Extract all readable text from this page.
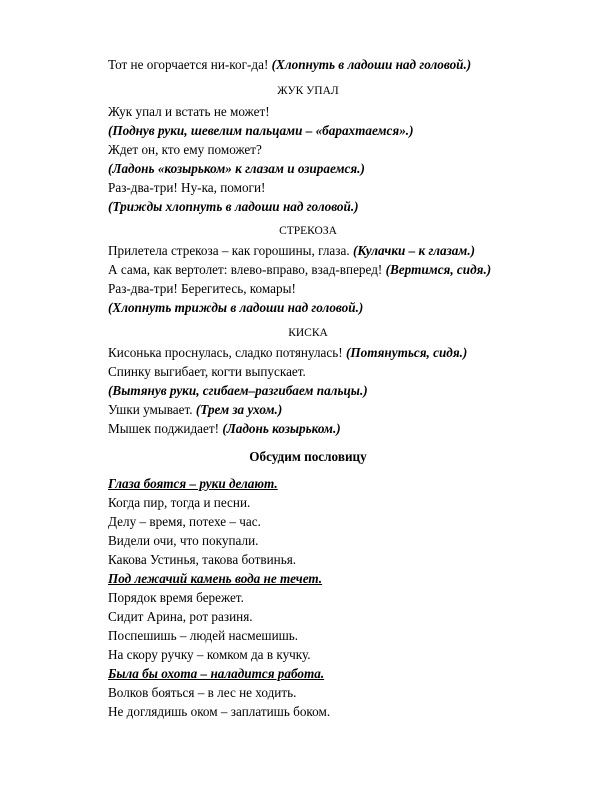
Тот не огорчается ни-ког-да! (Хлопнуть в ладоши над головой.)
ЖУК УПАЛ
Жук упал и встать не может!
(Поднув руки, шевелим пальцами – «барахтаемся».)
Ждет он, кто ему поможет?
(Ладонь «козырьком» к глазам и озираемся.)
Раз-два-три! Ну-ка, помоги!
(Трижды хлопнуть в ладоши над головой.)
СТРЕКОЗА
Прилетела стрекоза – как горошины, глаза. (Кулачки – к глазам.)
А сама, как вертолет: влево-вправо, взад-вперед! (Вертимся, сидя.)
Раз-два-три! Берегитесь, комары!
(Хлопнуть трижды в ладоши над головой.)
КИСКА
Кисонька проснулась, сладко потянулась! (Потянуться, сидя.)
Спинку выгибает, когти выпускает.
(Вытянув руки, сгибаем–разгибаем пальцы.)
Ушки умывает. (Трем за ухом.)
Мышек поджидает! (Ладонь козырьком.)
Обсудим пословицу
Глаза боятся – руки делают.
Когда пир, тогда и песни.
Делу – время, потехе – час.
Видели очи, что покупали.
Какова Устинья, такова ботвинья.
Под лежачий камень вода не течет.
Порядок время бережет.
Сидит Арина, рот разиня.
Поспешишь – людей насмешишь.
На скору ручку – комком да в кучку.
Была бы охота – наладится работа.
Волков бояться – в лес не ходить.
Не доглядишь оком – заплатишь боком.
